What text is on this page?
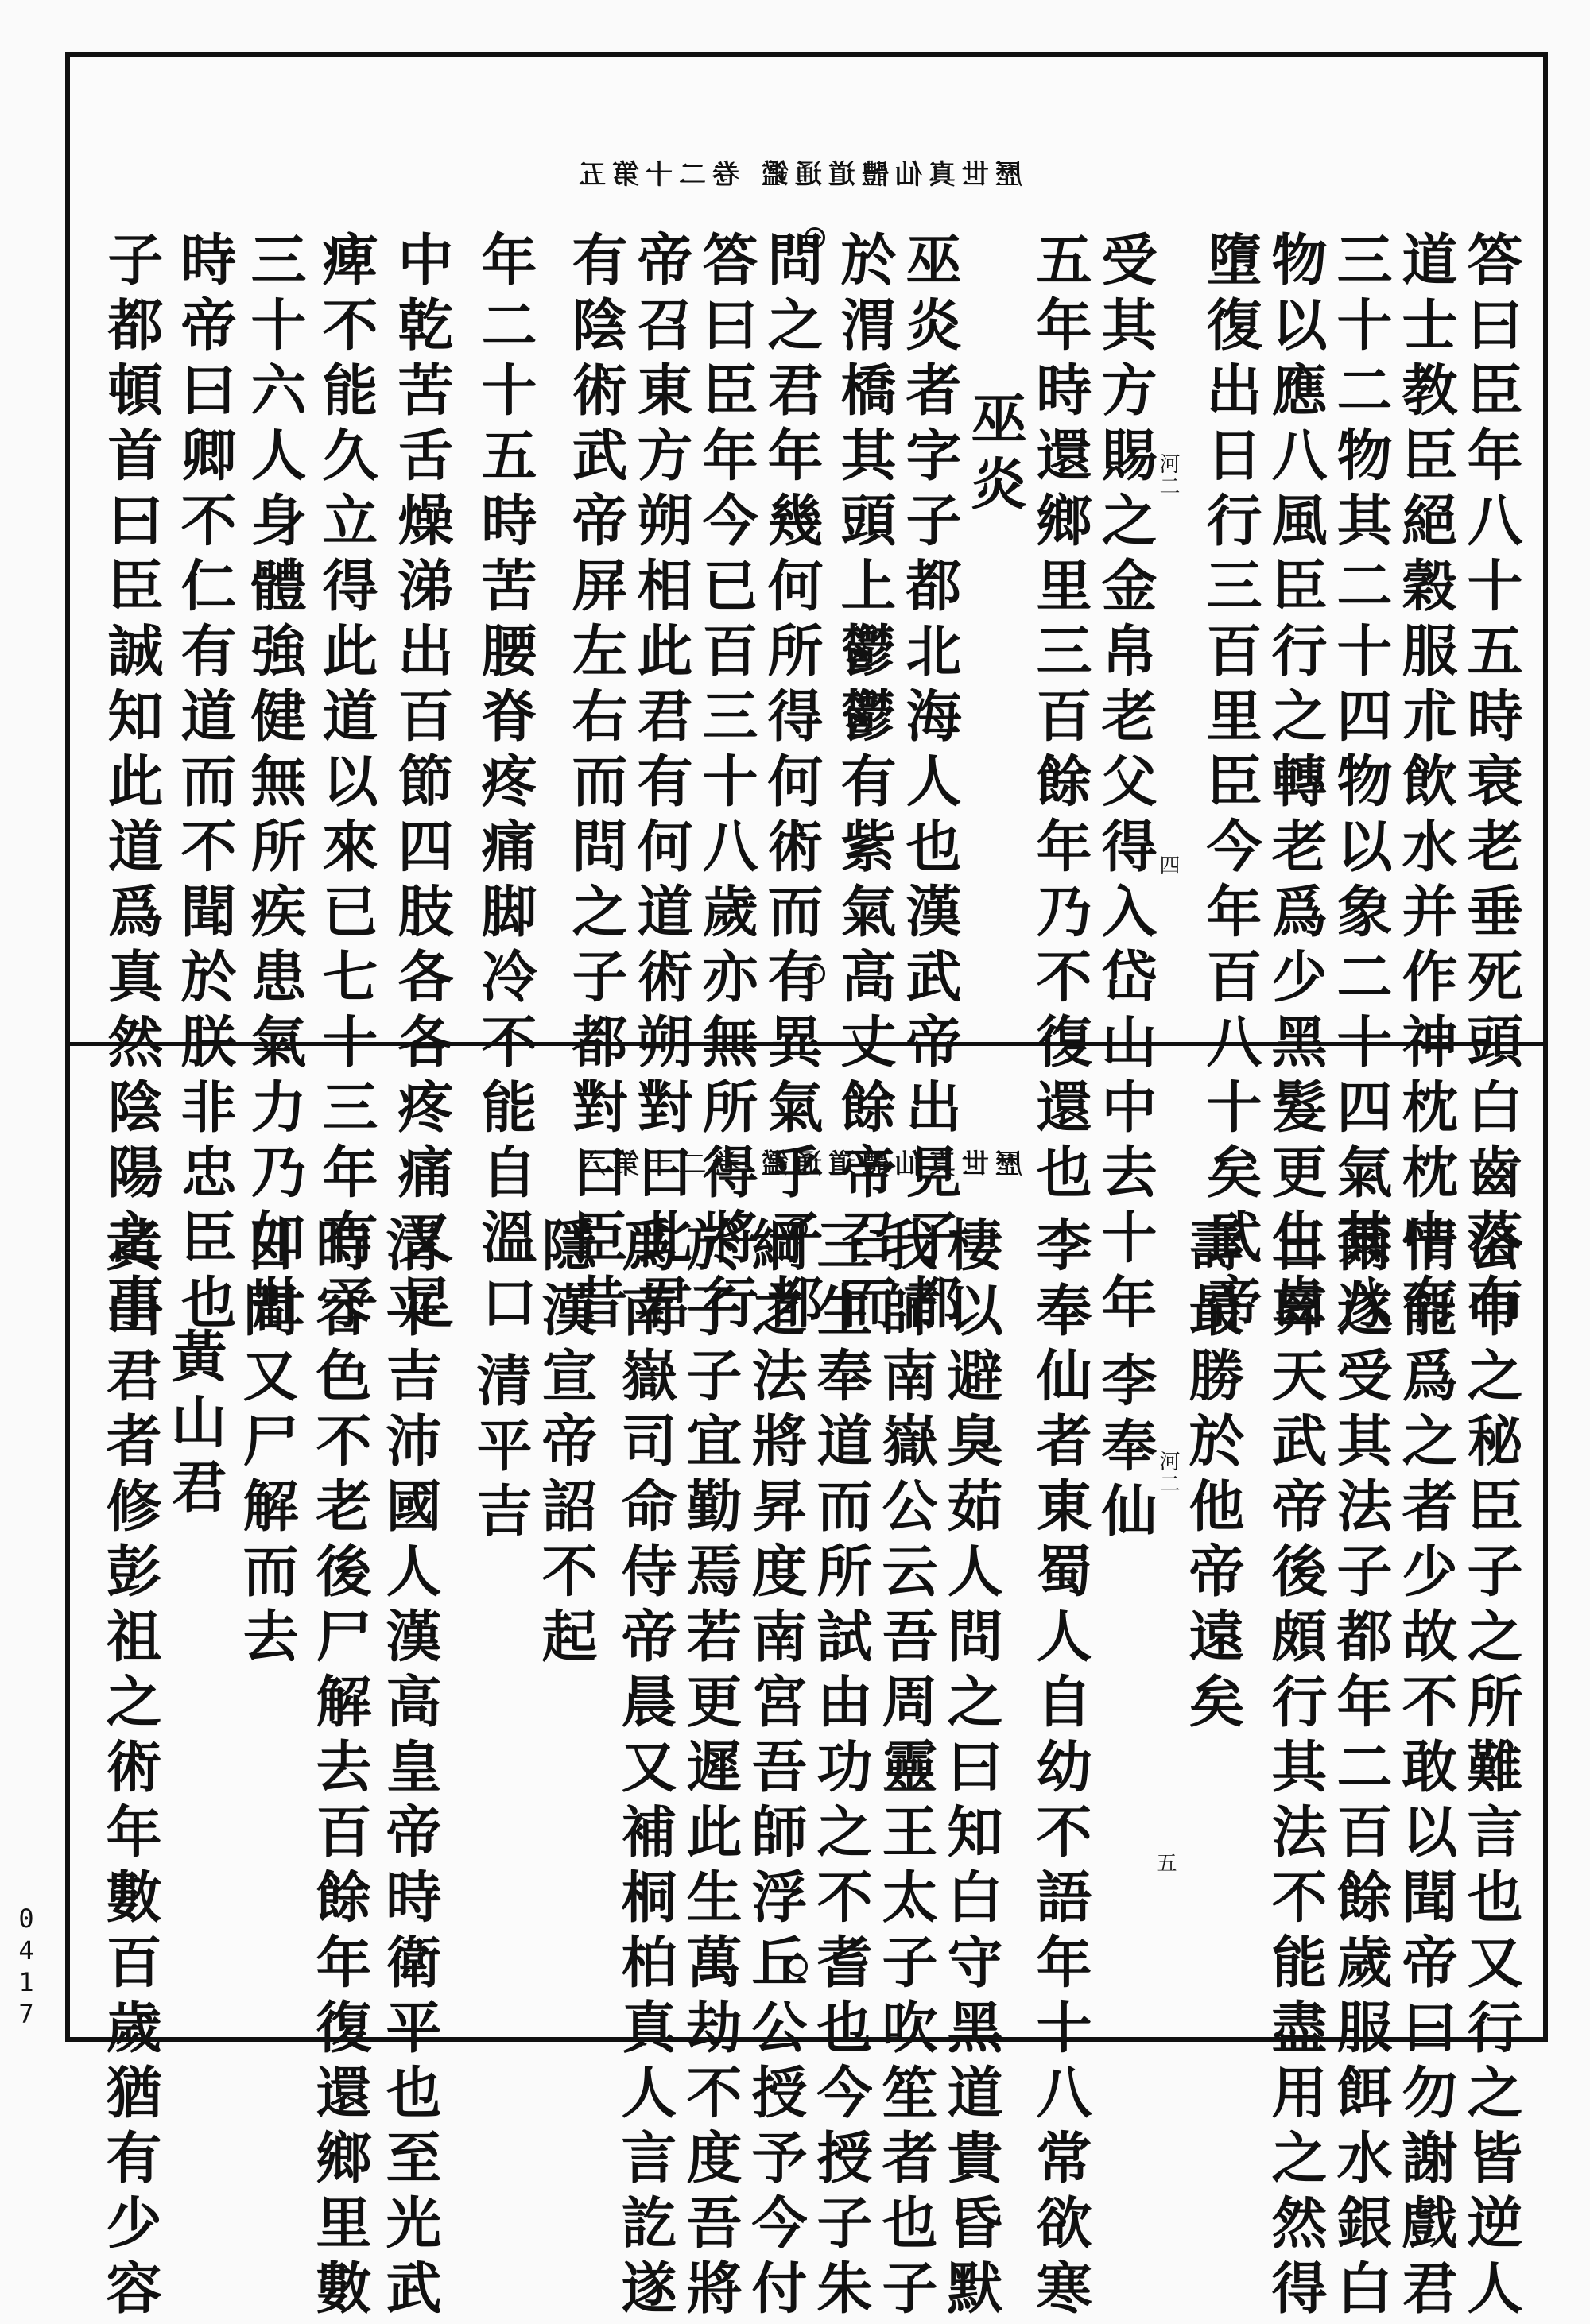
歷世真仙體道通鑑 卷二十第五
答曰臣年八十五時衰老垂死頭白齒落有
道士教臣絕穀服朮飲水并作神枕枕中有
三十二物其二十四物以象二十四氣其八
物以應八風臣行之轉老爲少黑髮更生齒
墮復出日行三百里臣今年百八十矣武帝
受其方賜之金帛老父得入岱山中去十年
五年時還鄉里三百餘年乃不復還也
巫炎
巫炎者字子都北海人也漢武帝出見子都
於渭橋其頭上鬱鬱有紫氣高丈餘帝召而
問之君年幾何所得何術而有異氣乎子都
答曰臣年今已百三十八歲亦無所得將行
帝召東方朔相此君有何道術朔對曰此君
有陰術武帝屏左右而問之子都對曰臣昔
年二十五時苦腰脊疼痛脚冷不能自溫口
中乾苦舌燥涕出百節四肢各各疼痛又足
痺不能久立得此道以來已七十三年有子
三十六人身體強健無所疾患氣力乃如壯
時帝曰卿不仁有道而不聞於朕非忠臣也
子都頓首曰臣誠知此道爲真然陰陽之事	四
河二
歷世真仙體道通鑑 卷二十第六
公中之秘臣子之所難言也又行之皆逆人
情能爲之者少故不敢以聞帝曰勿謝戲君
爾遂受其法子都年二百餘歲服餌水銀白
日昇天武帝後頗行其法不能盡用之然得
壽最勝於他帝遠矣
李奉仙
李奉仙者東蜀人自幼不語年十八常欲寒
棲以避臭茹人問之曰知白守黑道貴昏默
我師南嶽公云吾周靈王太子吹笙者也子
三生奉道而所試由功之不耆也今授子朱
綱之法將昇度南宮吾師浮丘公授予今付
於子子宜勤焉若更遲此生萬劫不度吾將
爲南嶽司命侍帝晨又補桐柏真人言訖遂
隱漢宣帝詔不起
清平吉
清平吉沛國人漢高皇帝時衛平也至光武
時容色不老後尸解去百餘年復還鄉里數
日間又尸解而去
黃山君
黃山君者修彭祖之術年數百歲猶有少容	五
河二
0417
